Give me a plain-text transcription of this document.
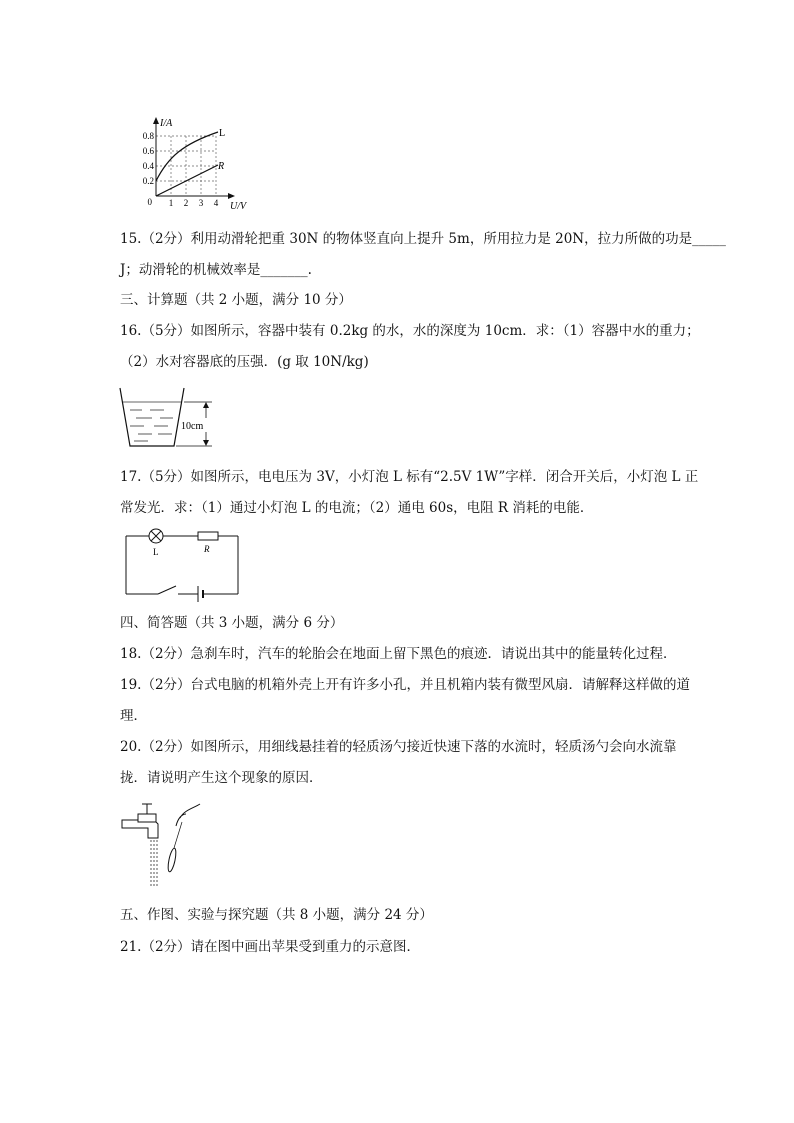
I/A
U/V
L
R
0.8
0.6
0.4
0.2
0 1 2 3 4
15.（2分）利用动滑轮把重 30N 的物体竖直向上提升 5m，所用拉力是 20N，拉力所做的功是_____
J；动滑轮的机械效率是_______.
三、计算题（共 2 小题，满分 10 分）
16.（5分）如图所示，容器中装有 0.2kg 的水，水的深度为 10cm．求：（1）容器中水的重力；
（2）水对容器底的压强．(g 取 10N/kg)
10cm
17.（5分）如图所示，电电压为 3V，小灯泡 L 标有“2.5V 1W”字样．闭合开关后，小灯泡 L 正
常发光．求：（1）通过小灯泡 L 的电流；（2）通电 60s，电阻 R 消耗的电能．
L	R
四、简答题（共 3 小题，满分 6 分）
18.（2分）急刹车时，汽车的轮胎会在地面上留下黑色的痕迹．请说出其中的能量转化过程．
19.（2分）台式电脑的机箱外壳上开有许多小孔，并且机箱内装有微型风扇．请解释这样做的道
理．
20.（2分）如图所示，用细线悬挂着的轻质汤勺接近快速下落的水流时，轻质汤勺会向水流靠
拢．请说明产生这个现象的原因．
五、作图、实验与探究题（共 8 小题，满分 24 分）
21.（2分）请在图中画出苹果受到重力的示意图．
